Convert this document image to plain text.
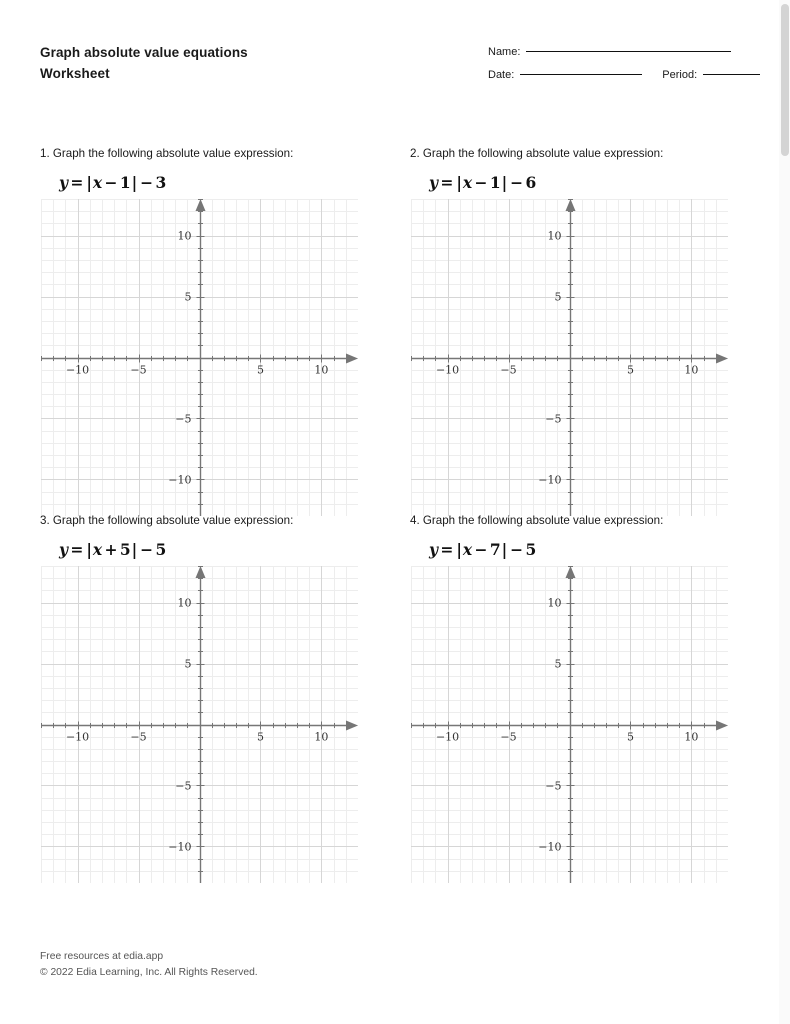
Graph absolute value equations
Worksheet
Name:
Date:	Period:
1. Graph the following absolute value expression:
y = |x − 1| − 3
−10	−5	5	10
10
5
−5
−10
2. Graph the following absolute value expression:
y = |x − 1| − 6
−10	−5	5	10
10
5
−5
−10
3. Graph the following absolute value expression:
y = |x + 5| − 5
−10	−5	5	10
10
5
−5
−10
4. Graph the following absolute value expression:
y = |x − 7| − 5
−10	−5	5	10
10
5
−5
−10
Free resources at edia.app
© 2022 Edia Learning, Inc. All Rights Reserved.
